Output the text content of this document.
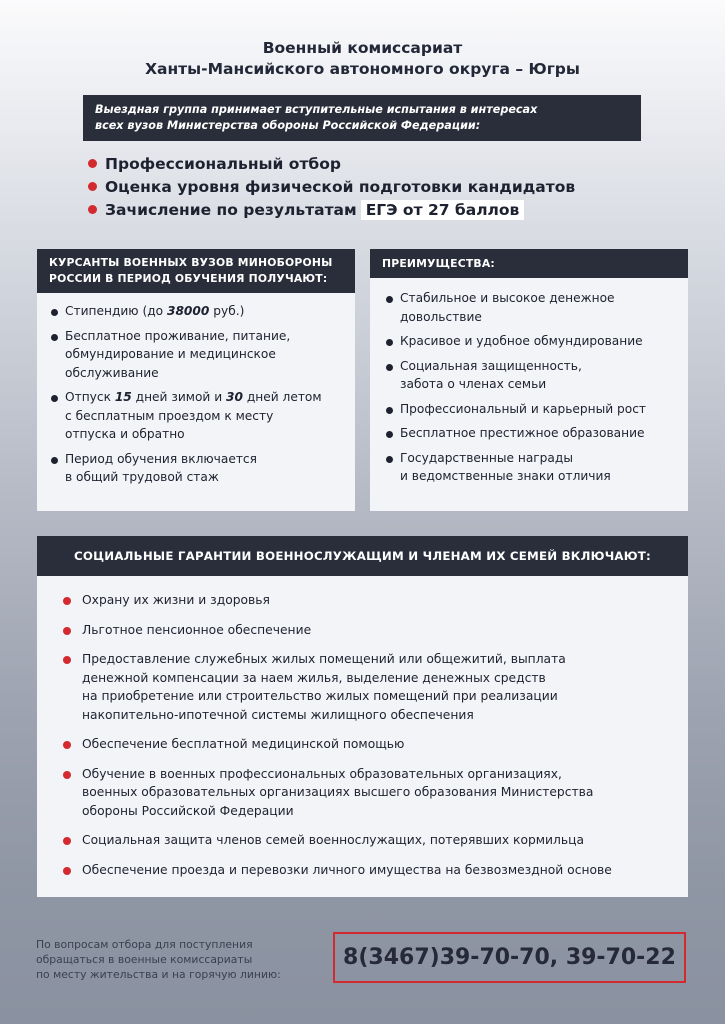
Военный комиссариат
Ханты-Мансийского автономного округа – Югры
Выездная группа принимает вступительные испытания в интересах
всех вузов Министерства обороны Российской Федерации:
Профессиональный отбор
Оценка уровня физической подготовки кандидатов
Зачисление по результатам ЕГЭ от 27 баллов
КУРСАНТЫ ВОЕННЫХ ВУЗОВ МИНОБОРОНЫ
РОССИИ В ПЕРИОД ОБУЧЕНИЯ ПОЛУЧАЮТ:
Стипендию (до 38000 руб.)
Бесплатное проживание, питание,
обмундирование и медицинское
обслуживание
Отпуск 15 дней зимой и 30 дней летом
с бесплатным проездом к месту
отпуска и обратно
Период обучения включается
в общий трудовой стаж
ПРЕИМУЩЕСТВА:
Стабильное и высокое денежное
довольствие
Красивое и удобное обмундирование
Социальная защищенность,
забота о членах семьи
Профессиональный и карьерный рост
Бесплатное престижное образование
Государственные награды
и ведомственные знаки отличия
СОЦИАЛЬНЫЕ ГАРАНТИИ ВОЕННОСЛУЖАЩИМ И ЧЛЕНАМ ИХ СЕМЕЙ ВКЛЮЧАЮТ:
Охрану их жизни и здоровья
Льготное пенсионное обеспечение
Предоставление служебных жилых помещений или общежитий, выплата
денежной компенсации за наем жилья, выделение денежных средств
на приобретение или строительство жилых помещений при реализации
накопительно-ипотечной системы жилищного обеспечения
Обеспечение бесплатной медицинской помощью
Обучение в военных профессиональных образовательных организациях,
военных образовательных организациях высшего образования Министерства
обороны Российской Федерации
Социальная защита членов семей военнослужащих, потерявших кормильца
Обеспечение проезда и перевозки личного имущества на безвозмездной основе
По вопросам отбора для поступления
обращаться в военные комиссариаты
по месту жительства и на горячую линию:
8(3467)39-70-70, 39-70-22
